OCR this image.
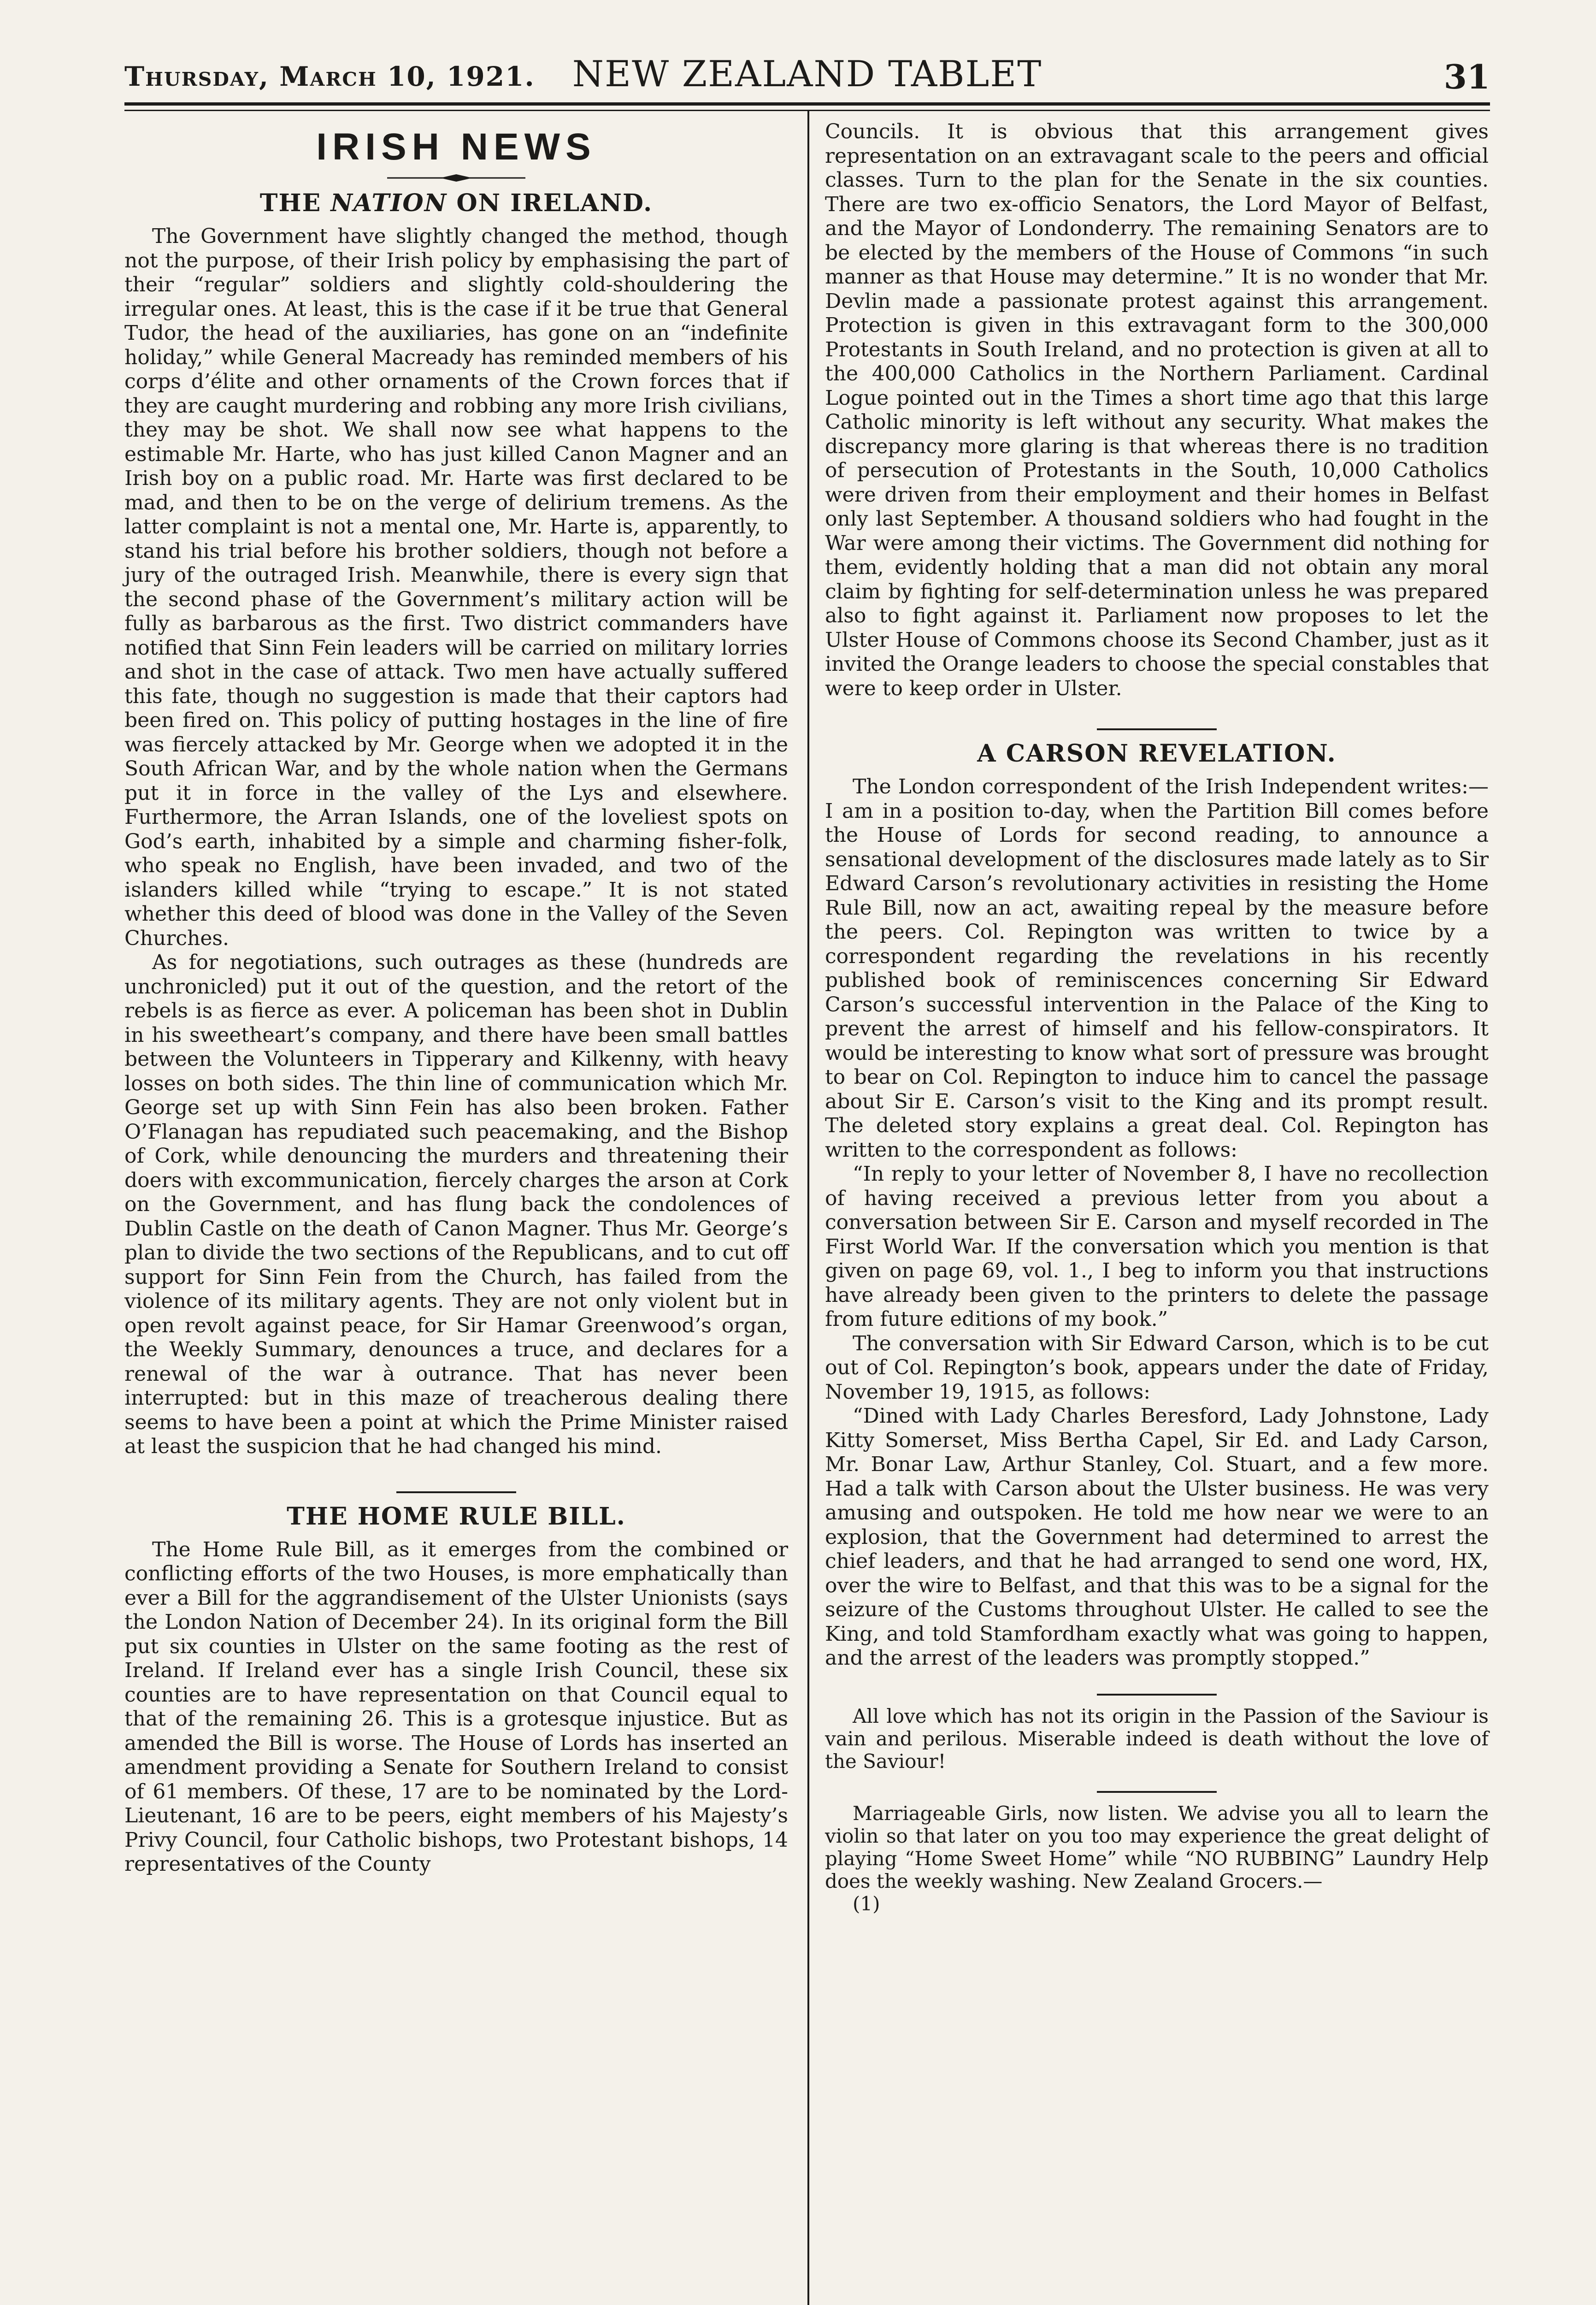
Thursday, March 10, 1921.	NEW ZEALAND TABLET	31
IRISH NEWS
THE NATION ON IRELAND.

The Government have slightly changed the method, though not the purpose, of their Irish policy by emphasising the part of their “regular” soldiers and slightly cold-shouldering the irregular ones. At least, this is the case if it be true that General Tudor, the head of the auxiliaries, has gone on an “indefinite holiday,” while General Macready has reminded members of his corps d’élite and other ornaments of the Crown forces that if they are caught murdering and robbing any more Irish civilians, they may be shot. We shall now see what happens to the estimable Mr. Harte, who has just killed Canon Magner and an Irish boy on a public road. Mr. Harte was first declared to be mad, and then to be on the verge of delirium tremens. As the latter complaint is not a mental one, Mr. Harte is, apparently, to stand his trial before his brother soldiers, though not before a jury of the outraged Irish. Meanwhile, there is every sign that the second phase of the Government’s military action will be fully as barbarous as the first. Two district commanders have notified that Sinn Fein leaders will be carried on military lorries and shot in the case of attack. Two men have actually suffered this fate, though no suggestion is made that their captors had been fired on. This policy of putting hostages in the line of fire was fiercely attacked by Mr. George when we adopted it in the South African War, and by the whole nation when the Germans put it in force in the valley of the Lys and elsewhere. Furthermore, the Arran Islands, one of the loveliest spots on God’s earth, inhabited by a simple and charming fisher-folk, who speak no English, have been invaded, and two of the islanders killed while “trying to escape.” It is not stated whether this deed of blood was done in the Valley of the Seven Churches.

As for negotiations, such outrages as these (hundreds are unchronicled) put it out of the question, and the retort of the rebels is as fierce as ever. A policeman has been shot in Dublin in his sweetheart’s company, and there have been small battles between the Volunteers in Tipperary and Kilkenny, with heavy losses on both sides. The thin line of communication which Mr. George set up with Sinn Fein has also been broken. Father O’Flanagan has repudiated such peacemaking, and the Bishop of Cork, while denouncing the murders and threatening their doers with excommunication, fiercely charges the arson at Cork on the Government, and has flung back the condolences of Dublin Castle on the death of Canon Magner. Thus Mr. George’s plan to divide the two sections of the Republicans, and to cut off support for Sinn Fein from the Church, has failed from the violence of its military agents. They are not only violent but in open revolt against peace, for Sir Hamar Greenwood’s organ, the Weekly Summary, denounces a truce, and declares for a renewal of the war à outrance. That has never been interrupted: but in this maze of treacherous dealing there seems to have been a point at which the Prime Minister raised at least the suspicion that he had changed his mind.

THE HOME RULE BILL.

The Home Rule Bill, as it emerges from the combined or conflicting efforts of the two Houses, is more emphatically than ever a Bill for the aggrandisement of the Ulster Unionists (says the London Nation of December 24). In its original form the Bill put six counties in Ulster on the same footing as the rest of Ireland. If Ireland ever has a single Irish Council, these six counties are to have representation on that Council equal to that of the remaining 26. This is a grotesque injustice. But as amended the Bill is worse. The House of Lords has inserted an amendment providing a Senate for Southern Ireland to consist of 61 members. Of these, 17 are to be nominated by the Lord-Lieutenant, 16 are to be peers, eight members of his Majesty’s Privy Council, four Catholic bishops, two Protestant bishops, 14 representatives of the County

Councils. It is obvious that this arrangement gives representation on an extravagant scale to the peers and official classes. Turn to the plan for the Senate in the six counties. There are two ex-officio Senators, the Lord Mayor of Belfast, and the Mayor of Londonderry. The remaining Senators are to be elected by the members of the House of Commons “in such manner as that House may determine.” It is no wonder that Mr. Devlin made a passionate protest against this arrangement. Protection is given in this extravagant form to the 300,000 Protestants in South Ireland, and no protection is given at all to the 400,000 Catholics in the Northern Parliament. Cardinal Logue pointed out in the Times a short time ago that this large Catholic minority is left without any security. What makes the discrepancy more glaring is that whereas there is no tradition of persecution of Protestants in the South, 10,000 Catholics were driven from their employment and their homes in Belfast only last September. A thousand soldiers who had fought in the War were among their victims. The Government did nothing for them, evidently holding that a man did not obtain any moral claim by fighting for self-determination unless he was prepared also to fight against it. Parliament now proposes to let the Ulster House of Commons choose its Second Chamber, just as it invited the Orange leaders to choose the special constables that were to keep order in Ulster.

A CARSON REVELATION.

The London correspondent of the Irish Independent writes:—I am in a position to-day, when the Partition Bill comes before the House of Lords for second reading, to announce a sensational development of the disclosures made lately as to Sir Edward Carson’s revolutionary activities in resisting the Home Rule Bill, now an act, awaiting repeal by the measure before the peers. Col. Repington was written to twice by a correspondent regarding the revelations in his recently published book of reminiscences concerning Sir Edward Carson’s successful intervention in the Palace of the King to prevent the arrest of himself and his fellow-conspirators. It would be interesting to know what sort of pressure was brought to bear on Col. Repington to induce him to cancel the passage about Sir E. Carson’s visit to the King and its prompt result. The deleted story explains a great deal. Col. Repington has written to the correspondent as follows:

“In reply to your letter of November 8, I have no recollection of having received a previous letter from you about a conversation between Sir E. Carson and myself recorded in The First World War. If the conversation which you mention is that given on page 69, vol. 1., I beg to inform you that instructions have already been given to the printers to delete the passage from future editions of my book.”

The conversation with Sir Edward Carson, which is to be cut out of Col. Repington’s book, appears under the date of Friday, November 19, 1915, as follows:

“Dined with Lady Charles Beresford, Lady Johnstone, Lady Kitty Somerset, Miss Bertha Capel, Sir Ed. and Lady Carson, Mr. Bonar Law, Arthur Stanley, Col. Stuart, and a few more. Had a talk with Carson about the Ulster business. He was very amusing and outspoken. He told me how near we were to an explosion, that the Government had determined to arrest the chief leaders, and that he had arranged to send one word, HX, over the wire to Belfast, and that this was to be a signal for the seizure of the Customs throughout Ulster. He called to see the King, and told Stamfordham exactly what was going to happen, and the arrest of the leaders was promptly stopped.”

All love which has not its origin in the Passion of the Saviour is vain and perilous. Miserable indeed is death without the love of the Saviour!

Marriageable Girls, now listen. We advise you all to learn the violin so that later on you too may experience the great delight of playing “Home Sweet Home” while “NO RUBBING” Laundry Help does the weekly washing. New Zealand Grocers.—

(1)
